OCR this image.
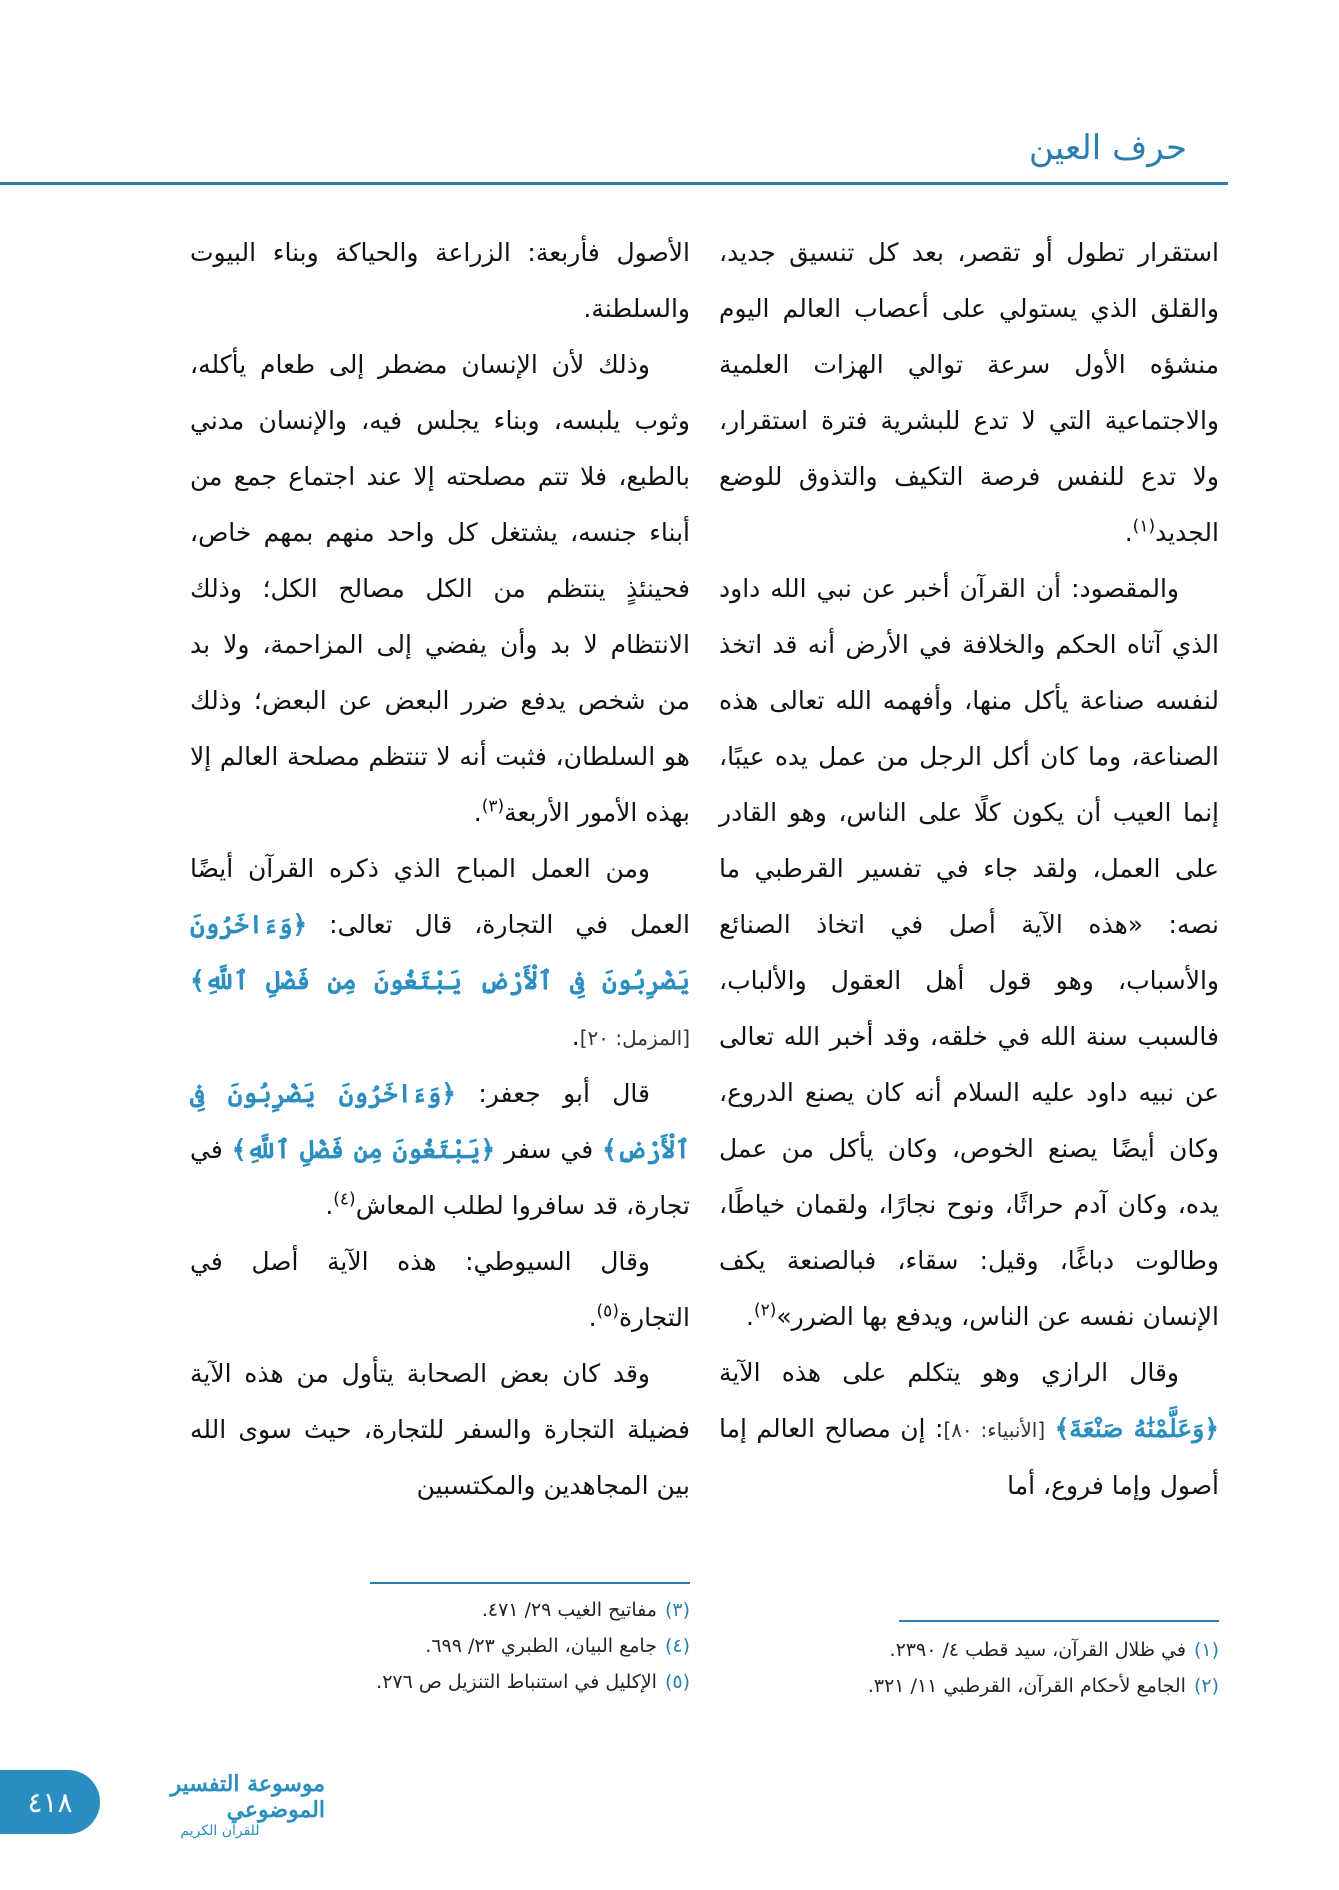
حرف العين

استقرار تطول أو تقصر، بعد كل تنسيق جديد، والقلق الذي يستولي على أعصاب العالم اليوم منشؤه الأول سرعة توالي الهزات العلمية والاجتماعية التي لا تدع للبشرية فترة استقرار، ولا تدع للنفس فرصة التكيف والتذوق للوضع الجديد$^{(١)}$.

والمقصود: أن القرآن أخبر عن نبي الله داود الذي آتاه الحكم والخلافة في الأرض أنه قد اتخذ لنفسه صناعة يأكل منها، وأفهمه الله تعالى هذه الصناعة، وما كان أكل الرجل من عمل يده عيبًا، إنما العيب أن يكون كلًا على الناس، وهو القادر على العمل، ولقد جاء في تفسير القرطبي ما نصه: «هذه الآية أصل في اتخاذ الصنائع والأسباب، وهو قول أهل العقول والألباب، فالسبب سنة الله في خلقه، وقد أخبر الله تعالى عن نبيه داود عليه السلام أنه كان يصنع الدروع، وكان أيضًا يصنع الخوص، وكان يأكل من عمل يده، وكان آدم حراثًا، ونوح نجارًا، ولقمان خياطًا، وطالوت دباغًا، وقيل: سقاء، فبالصنعة يكف الإنسان نفسه عن الناس، ويدفع بها الضرر»$^{(٢)}$.

وقال الرازي وهو يتكلم على هذه الآية ﴿وَعَلَّمْنَٰهُ صَنْعَةَ﴾ [الأنبياء: ٨٠]: إن مصالح العالم إما أصول وإما فروع، أما

الأصول فأربعة: الزراعة والحياكة وبناء البيوت والسلطنة.

وذلك لأن الإنسان مضطر إلى طعام يأكله، وثوب يلبسه، وبناء يجلس فيه، والإنسان مدني بالطبع، فلا تتم مصلحته إلا عند اجتماع جمع من أبناء جنسه، يشتغل كل واحد منهم بمهم خاص، فحينئذٍ ينتظم من الكل مصالح الكل؛ وذلك الانتظام لا بد وأن يفضي إلى المزاحمة، ولا بد من شخص يدفع ضرر البعض عن البعض؛ وذلك هو السلطان، فثبت أنه لا تنتظم مصلحة العالم إلا بهذه الأمور الأربعة$^{(٣)}$.

ومن العمل المباح الذي ذكره القرآن أيضًا العمل في التجارة، قال تعالى: ﴿وَءَاخَرُونَ يَضْرِبُونَ فِى ٱلْأَرْضِ يَبْتَغُونَ مِن فَضْلِ ٱللَّهِ﴾ [المزمل: ٢٠].

قال أبو جعفر: ﴿وَءَاخَرُونَ يَضْرِبُونَ فِى ٱلْأَرْضِ﴾ في سفر ﴿يَبْتَغُونَ مِن فَضْلِ ٱللَّهِ﴾ في تجارة، قد سافروا لطلب المعاش$^{(٤)}$.

وقال السيوطي: هذه الآية أصل في التجارة$^{(٥)}$.

وقد كان بعض الصحابة يتأول من هذه الآية فضيلة التجارة والسفر للتجارة، حيث سوى الله بين المجاهدين والمكتسبين

(١)في ظلال القرآن، سيد قطب ٤/ ٢٣٩٠.
(٢)الجامع لأحكام القرآن، القرطبي ١١/ ٣٢١.
(٣)مفاتيح الغيب ٢٩/ ٤٧١.
(٤)جامع البيان، الطبري ٢٣/ ٦٩٩.
(٥)الإكليل في استنباط التنزيل ص ٢٧٦.
٤١٨
موسوعة التفسير الموضوعي
للقرآن الكريم
